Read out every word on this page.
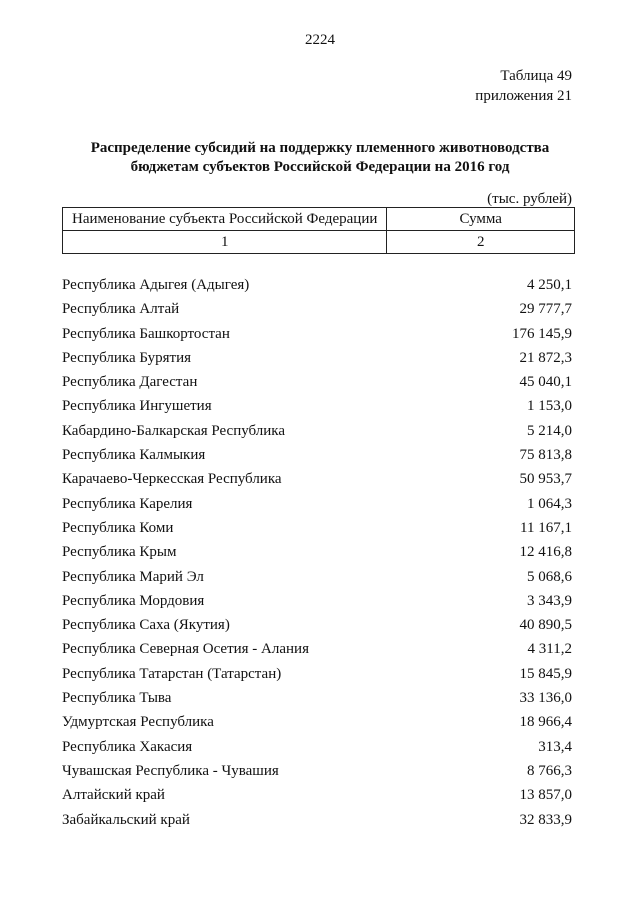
2224
Таблица 49
приложения 21
Распределение субсидий на поддержку племенного животноводства
бюджетам субъектов Российской Федерации на 2016 год
(тыс. рублей)
Наименование субъекта Российской Федерации	Сумма
1	2
Республика Адыгея (Адыгея)	4 250,1
Республика Алтай	29 777,7
Республика Башкортостан	176 145,9
Республика Бурятия	21 872,3
Республика Дагестан	45 040,1
Республика Ингушетия	1 153,0
Кабардино-Балкарская Республика	5 214,0
Республика Калмыкия	75 813,8
Карачаево-Черкесская Республика	50 953,7
Республика Карелия	1 064,3
Республика Коми	11 167,1
Республика Крым	12 416,8
Республика Марий Эл	5 068,6
Республика Мордовия	3 343,9
Республика Саха (Якутия)	40 890,5
Республика Северная Осетия - Алания	4 311,2
Республика Татарстан (Татарстан)	15 845,9
Республика Тыва	33 136,0
Удмуртская Республика	18 966,4
Республика Хакасия	313,4
Чувашская Республика - Чувашия	8 766,3
Алтайский край	13 857,0
Забайкальский край	32 833,9
